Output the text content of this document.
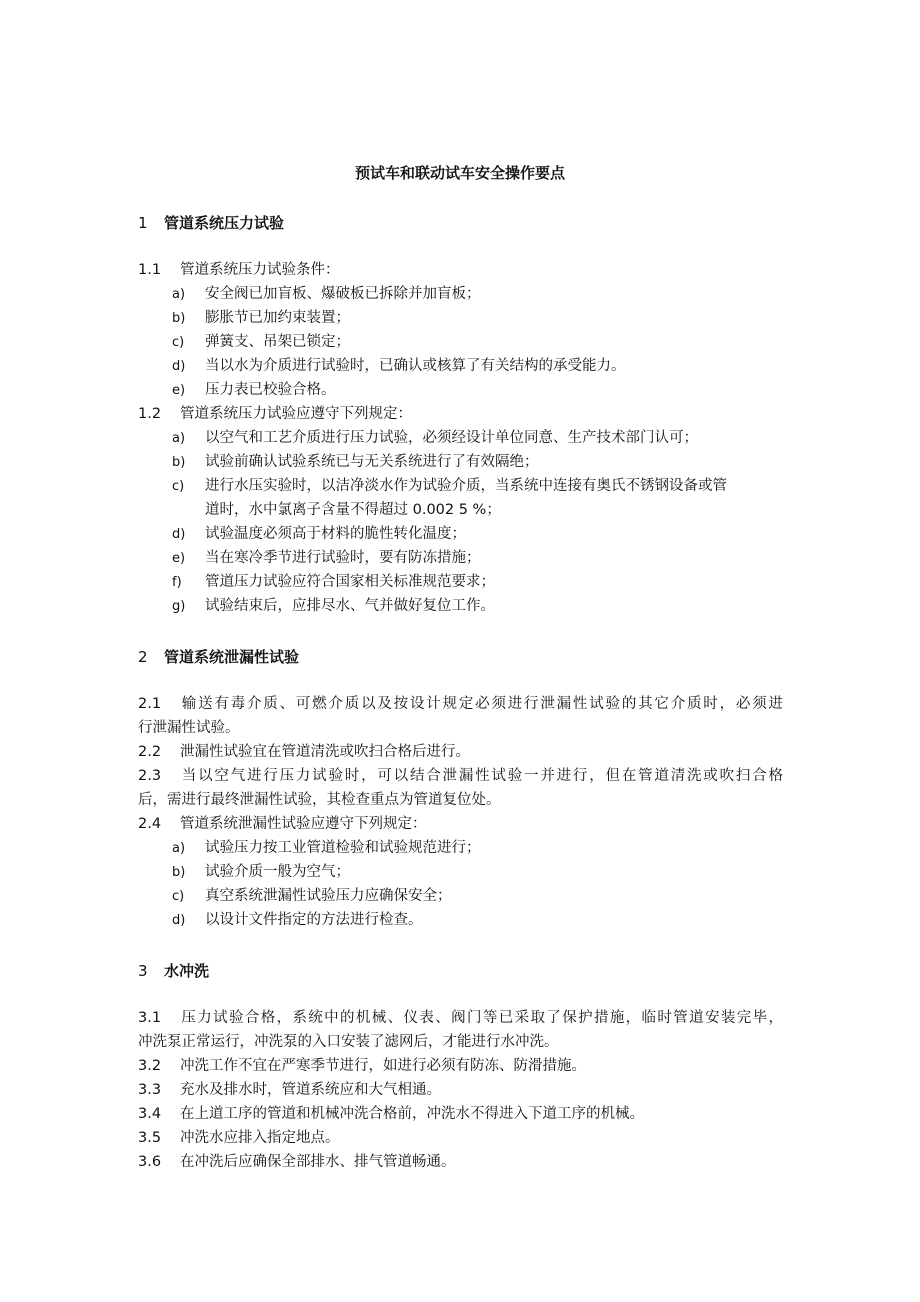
预试车和联动试车安全操作要点
1 管道系统压力试验
1.1 管道系统压力试验条件：
a) 安全阀已加盲板、爆破板已拆除并加盲板；
b) 膨胀节已加约束装置；
c) 弹簧支、吊架已锁定；
d) 当以水为介质进行试验时，已确认或核算了有关结构的承受能力。
e) 压力表已校验合格。
1.2 管道系统压力试验应遵守下列规定：
a) 以空气和工艺介质进行压力试验，必须经设计单位同意、生产技术部门认可；
b) 试验前确认试验系统已与无关系统进行了有效隔绝；
c) 进行水压实验时，以洁净淡水作为试验介质，当系统中连接有奥氏不锈钢设备或管
道时，水中氯离子含量不得超过 0.002 5 %；
d) 试验温度必须高于材料的脆性转化温度；
e) 当在寒冷季节进行试验时，要有防冻措施；
f) 管道压力试验应符合国家相关标准规范要求；
g) 试验结束后，应排尽水、气并做好复位工作。
2 管道系统泄漏性试验
2.1 输送有毒介质、可燃介质以及按设计规定必须进行泄漏性试验的其它介质时，必须进
行泄漏性试验。
2.2 泄漏性试验宜在管道清洗或吹扫合格后进行。
2.3 当以空气进行压力试验时，可以结合泄漏性试验一并进行，但在管道清洗或吹扫合格
后，需进行最终泄漏性试验，其检查重点为管道复位处。
2.4 管道系统泄漏性试验应遵守下列规定：
a) 试验压力按工业管道检验和试验规范进行；
b) 试验介质一般为空气；
c) 真空系统泄漏性试验压力应确保安全；
d) 以设计文件指定的方法进行检查。
3 水冲洗
3.1 压力试验合格，系统中的机械、仪表、阀门等已采取了保护措施，临时管道安装完毕，
冲洗泵正常运行，冲洗泵的入口安装了滤网后，才能进行水冲洗。
3.2 冲洗工作不宜在严寒季节进行，如进行必须有防冻、防滑措施。
3.3 充水及排水时，管道系统应和大气相通。
3.4 在上道工序的管道和机械冲洗合格前，冲洗水不得进入下道工序的机械。
3.5 冲洗水应排入指定地点。
3.6 在冲洗后应确保全部排水、排气管道畅通。
